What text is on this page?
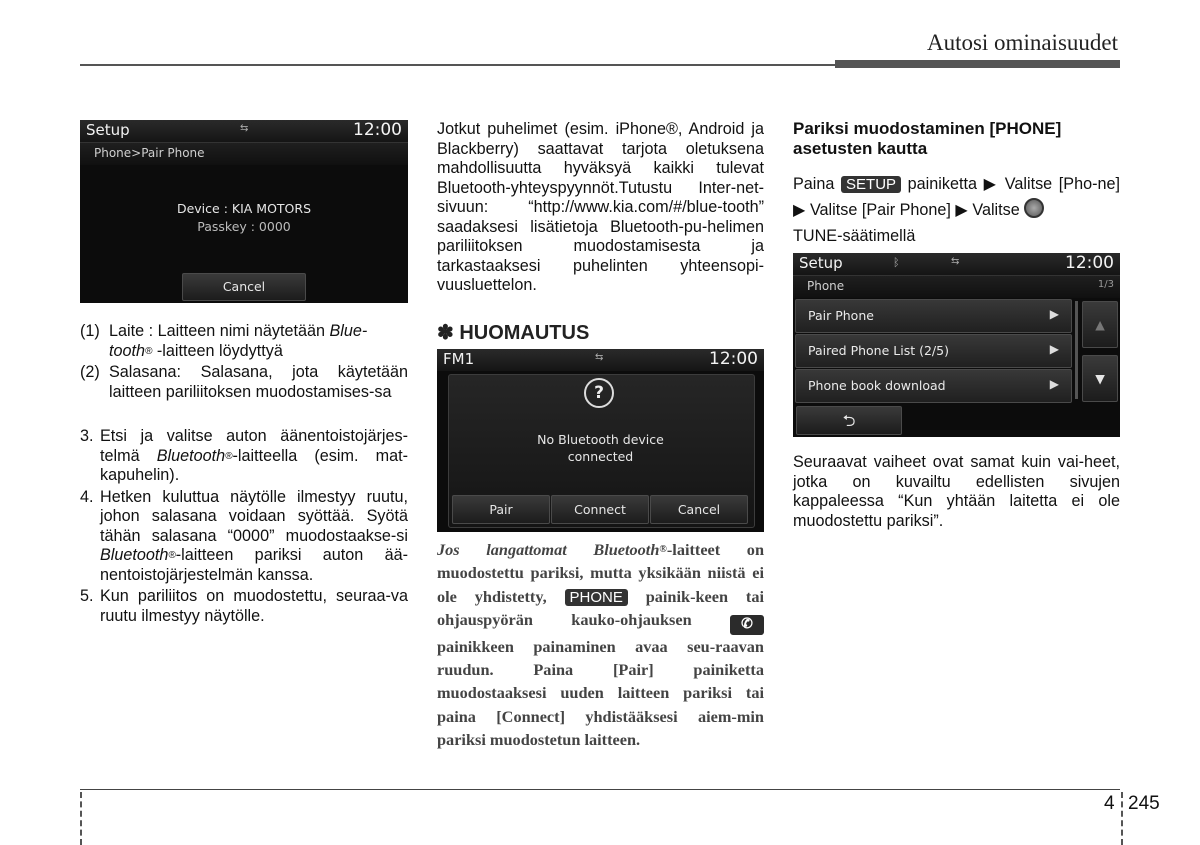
Autosi ominaisuudet
Setup	⇆	12:00
Phone>Pair Phone
Device : KIA MOTORS
Passkey : 0000
Cancel
(1) Laite : Laitteen nimi näytetään Blue-
tooth® -laitteen löydyttyä
(2) Salasana: Salasana, jota käytetään laitteen pariliitoksen muodostamises-sa
3. Etsi ja valitse auton äänentoistojärjes-telmä Bluetooth®-laitteella (esim. mat-kapuhelin).
4. Hetken kuluttua näytölle ilmestyy ruutu, johon salasana voidaan syöttää. Syötä tähän salasana “0000” muodostaakse-si Bluetooth®-laitteen pariksi auton ää-nentoistojärjestelmän kanssa.
5. Kun pariliitos on muodostettu, seuraa-va ruutu ilmestyy näytölle.
Jotkut puhelimet (esim. iPhone®, Android ja Blackberry) saattavat tarjota oletuksena mahdollisuutta hyväksyä kaikki tulevat Bluetooth-yhteyspyynnöt.Tutustu Inter-net-sivuun: “http://www.kia.com/#/blue-tooth” saadaksesi lisätietoja Bluetooth-pu-helimen pariliitoksen muodostamisesta ja tarkastaaksesi puhelinten yhteensopi-vuusluettelon.
✽ HUOMAUTUS
FM1	⇆	12:00
?
No Bluetooth device
connected
Pair	Connect	Cancel
Jos langattomat Bluetooth®-laitteet on muodostettu pariksi, mutta yksikään niistä ei ole yhdistetty, PHONE painik-keen tai ohjauspyörän kauko-ohjauksen ✆ painikkeen painaminen avaa seu-raavan ruudun. Paina [Pair] painiketta muodostaaksesi uuden laitteen pariksi tai paina [Connect] yhdistääksesi aiem-min pariksi muodostetun laitteen.
Pariksi muodostaminen [PHONE] asetusten kautta
Paina SETUP painiketta ▶ Valitse [Pho-ne] ▶ Valitse [Pair Phone] ▶ Valitse
TUNE-säätimellä
Setup	ᛒ	⇆	12:00
Phone	1/3
Pair Phone	▶
Paired Phone List (2/5)	▶
Phone book download	▶
▲
▼
⮌
Seuraavat vaiheet ovat samat kuin vai-heet, jotka on kuvailtu edellisten sivujen kappaleessa “Kun yhtään laitetta ei ole muodostettu pariksi”.
4 245
